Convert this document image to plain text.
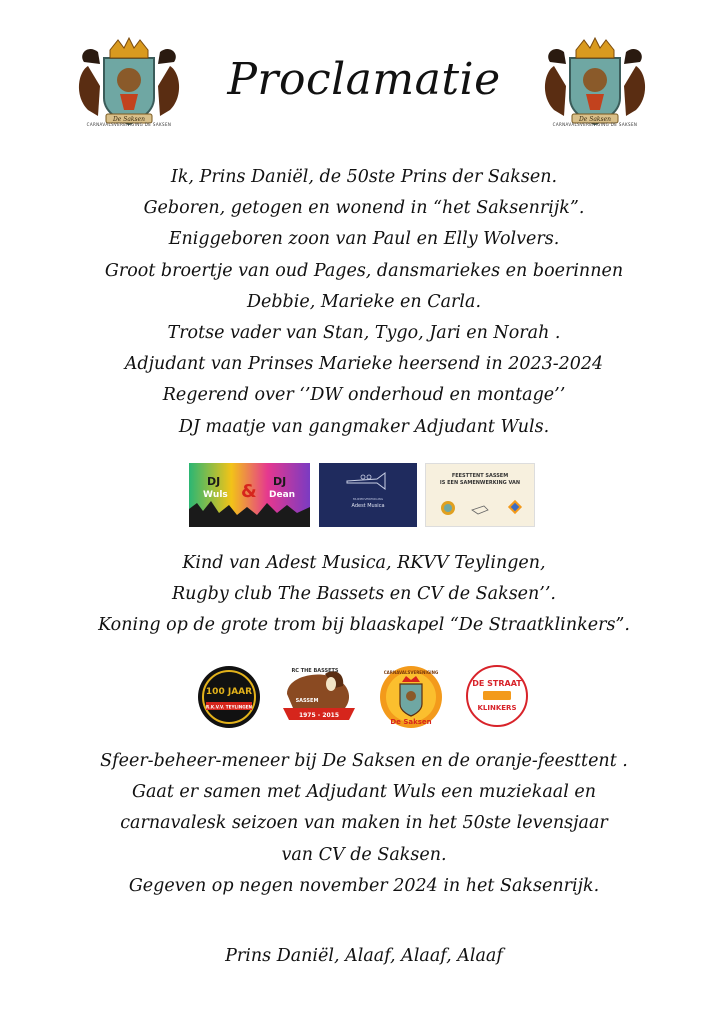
De Saksen
CARNAVALSVERENIGING DE SAKSEN
Proclamatie
De Saksen
CARNAVALSVERENIGING DE SAKSEN
Ik, Prins Daniël, de 50ste Prins der Saksen.
Geboren, getogen en wonend in “het Saksenrijk”.
Eniggeboren zoon van Paul en Elly Wolvers.
Groot broertje van oud Pages, dansmariekes en boerinnen
Debbie, Marieke en Carla.
Trotse vader van Stan, Tygo, Jari en Norah .
Adjudant van Prinses Marieke heersend in 2023-2024
Regerend over ‘’DW onderhoud en montage’’
DJ maatje van gangmaker Adjudant Wuls.
DJ
Wuls & DJ
Dean	MUZIEKVERENIGING
Adest Musica
FEESTTENT SASSEM
IS EEN SAMENWERKING VAN
Kind van Adest Musica, RKVV Teylingen,
Rugby club The Bassets en CV de Saksen’’.
Koning op de grote trom bij blaaskapel “De Straatklinkers”.
100 JAAR
R.K.V.V. TEYLINGEN
RC THE BASSETS
SASSEM
1975 - 2015
CARNAVALSVERENIGING
De Saksen
DE STRAAT
KLINKERS
Sfeer-beheer-meneer bij De Saksen en de oranje-feesttent .
Gaat er samen met Adjudant Wuls een muziekaal en
carnavalesk seizoen van maken in het 50ste levensjaar
van CV de Saksen.
Gegeven op negen november 2024 in het Saksenrijk.
Prins Daniël, Alaaf, Alaaf, Alaaf
